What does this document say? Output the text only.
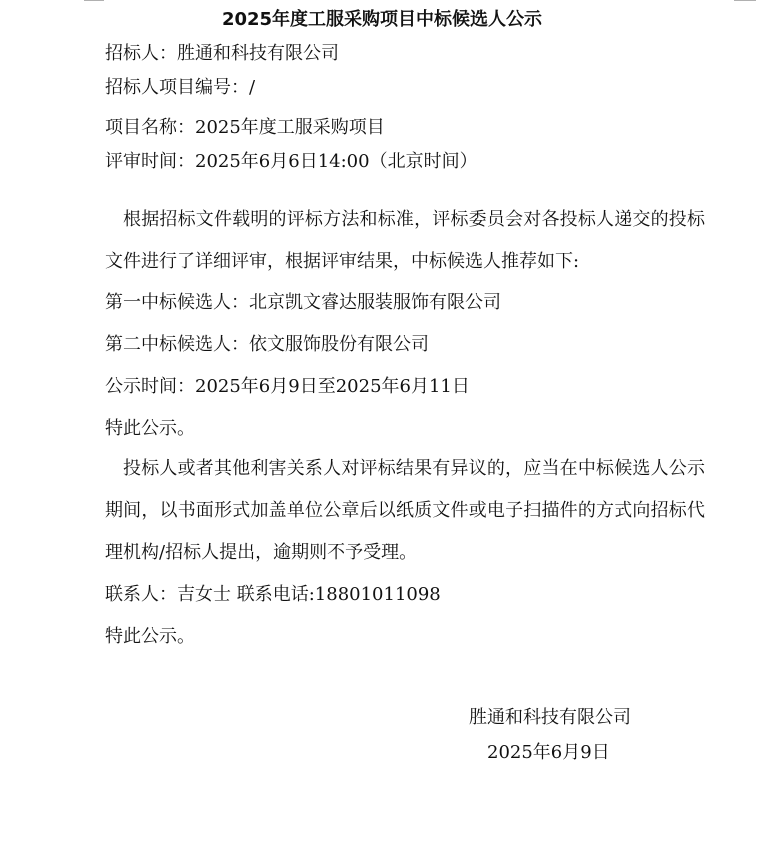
2025年度工服采购项目中标候选人公示
招标人：胜通和科技有限公司
招标人项目编号：/
项目名称：2025年度工服采购项目
评审时间：2025年6月6日14:00（北京时间）
根据招标文件载明的评标方法和标准，评标委员会对各投标人递交的投标文件进行了详细评审，根据评审结果，中标候选人推荐如下:
第一中标候选人：北京凯文睿达服装服饰有限公司
第二中标候选人：依文服饰股份有限公司
公示时间：2025年6月9日至2025年6月11日
特此公示。
投标人或者其他利害关系人对评标结果有异议的，应当在中标候选人公示期间，以书面形式加盖单位公章后以纸质文件或电子扫描件的方式向招标代理机构/招标人提出，逾期则不予受理。
联系人：吉女士 联系电话:18801011098
特此公示。
胜通和科技有限公司
2025年6月9日
